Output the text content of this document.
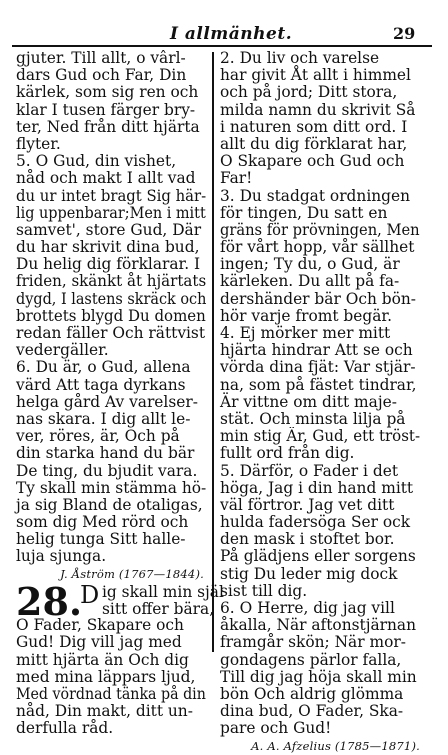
I allmänhet.	29
gjuter. Till allt, o vârl-
dars Gud och Far, Din
kärlek, som sig ren och
klar I tusen färger bry-
ter, Ned från ditt hjärta
flyter.
5. O Gud, din vishet,
nåd och makt I allt vad
du ur intet bragt Sig här-
lig uppenbarar;Men i mitt
samvet', store Gud, Där
du har skrivit dina bud,
Du helig dig förklarar. I
friden, skänkt åt hjärtats
dygd, I lastens skräck och
brottets blygd Du domen
redan fäller Och rättvist
vedergäller.
6. Du är, o Gud, allena
värd Att taga dyrkans
helga gård Av varelser-
nas skara. I dig allt le-
ver, röres, är, Och på
din starka hand du bär
De ting, du bjudit vara.
Ty skall min stämma hö-
ja sig Bland de otaligas,
som dig Med rörd och
helig tunga Sitt halle-
luja sjunga.
J. Åström (1767—1844).
28.
D ig skall min själ
sitt offer bära,
O Fader, Skapare och
Gud! Dig vill jag med
mitt hjärta än Och dig
med mina läppars ljud,
Med vördnad tänka på din
nåd, Din makt, ditt un-
derfulla råd.
2. Du liv och varelse
har givit Åt allt i himmel
och på jord; Ditt stora,
milda namn du skrivit Så
i naturen som ditt ord. I
allt du dig förklarat har,
O Skapare och Gud och
Far!
3. Du stadgat ordningen
för tingen, Du satt en
gräns för prövningen, Men
för vårt hopp, vår sällhet
ingen; Ty du, o Gud, är
kärleken. Du allt på fa-
dershänder bär Och bön-
hör varje fromt begär.
4. Ej mörker mer mitt
hjärta hindrar Att se och
vörda dina fjät: Var stjär-
na, som på fästet tindrar,
Är vittne om ditt maje-
stät. Och minsta lilja på
min stig Är, Gud, ett tröst-
fullt ord från dig.
5. Därför, o Fader i det
höga, Jag i din hand mitt
väl förtror. Jag vet ditt
hulda fadersöga Ser ock
den mask i stoftet bor.
På glädjens eller sorgens
stig Du leder mig dock
sist till dig.
6. O Herre, dig jag vill
åkalla, När aftonstjärnan
framgår skön; När mor-
gondagens pärlor falla,
Till dig jag höja skall min
bön Och aldrig glömma
dina bud, O Fader, Ska-
pare och Gud!
A. A. Afzelius (1785—1871).
